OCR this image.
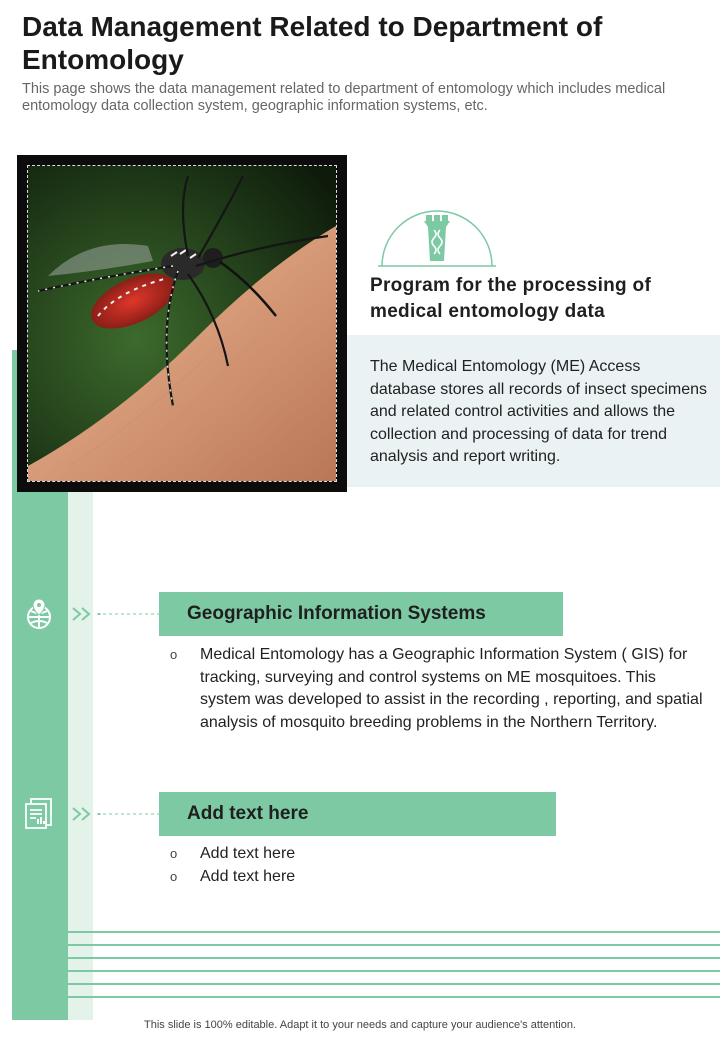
Data Management Related to Department of Entomology
This page shows the data management related to department of entomology which includes medical entomology data collection system, geographic information systems, etc.
Program for the processing of medical entomology data
The Medical Entomology (ME) Access database stores all records of insect specimens and related control activities and allows the collection and processing of data for trend analysis and report writing.
Geographic Information Systems
o Medical Entomology has a Geographic Information System ( GIS) for tracking, surveying and control systems on ME mosquitoes. This system was developed to assist in the recording , reporting, and spatial analysis of mosquito breeding problems in the Northern Territory.
Add text here
o Add text here
o Add text here
This slide is 100% editable. Adapt it to your needs and capture your audience's attention.
